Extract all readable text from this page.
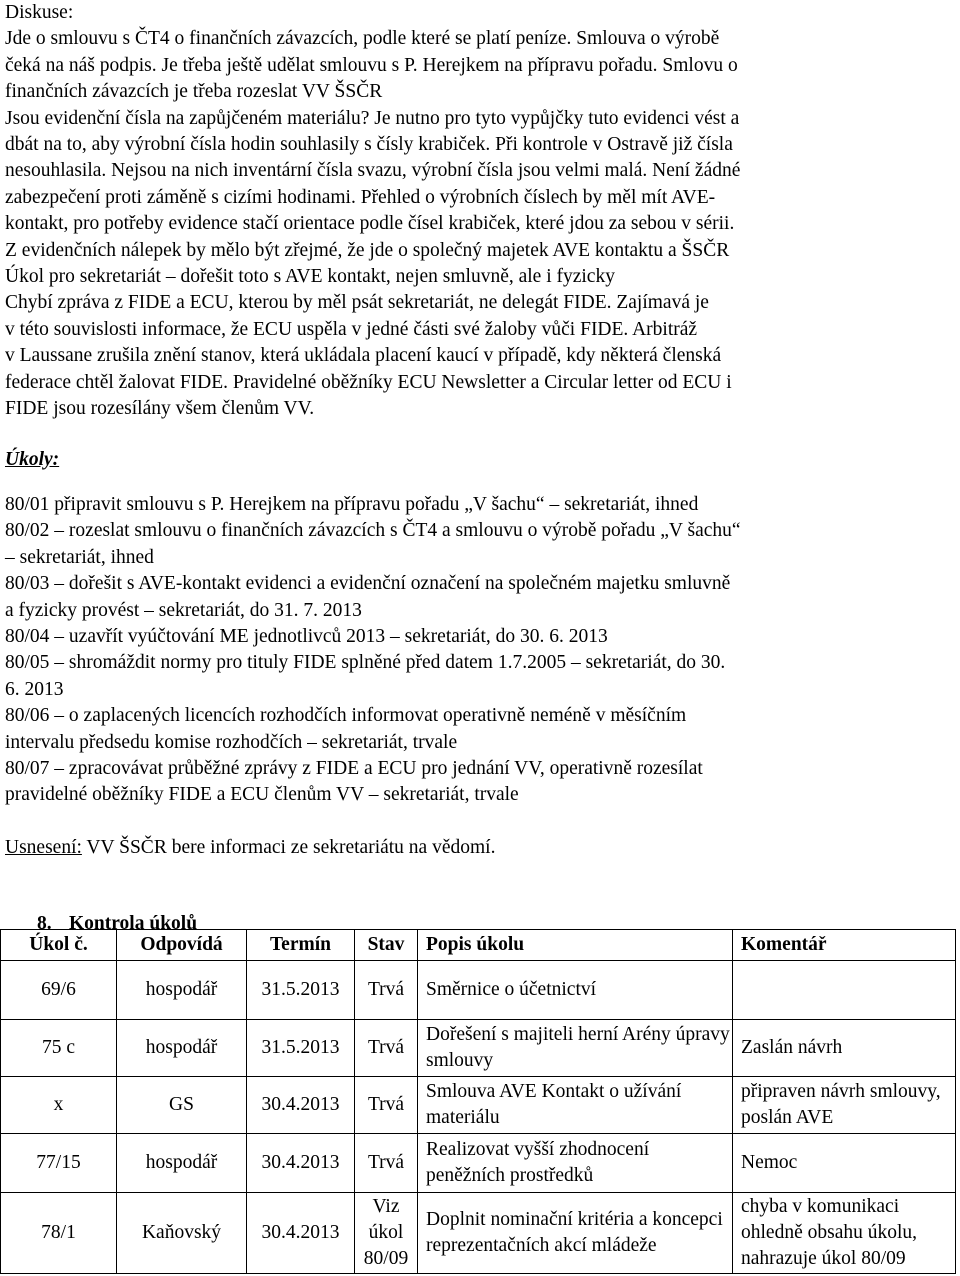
Diskuse:

Jde o smlouvu s ČT4 o finančních závazcích, podle které se platí peníze. Smlouva o výrobě

čeká na náš podpis. Je třeba ještě udělat smlouvu s P. Herejkem na přípravu pořadu. Smlovu o

finančních závazcích je třeba rozeslat VV ŠSČR

Jsou evidenční čísla na zapůjčeném materiálu? Je nutno pro tyto vypůjčky tuto evidenci vést a

dbát na to, aby výrobní čísla hodin souhlasily s čísly krabiček. Při kontrole v Ostravě již čísla

nesouhlasila. Nejsou na nich inventární čísla svazu, výrobní čísla jsou velmi malá. Není žádné

zabezpečení proti záměně s cizími hodinami. Přehled o výrobních číslech by měl mít AVE-

kontakt, pro potřeby evidence stačí orientace podle čísel krabiček, které jdou za sebou v sérii.

Z evidenčních nálepek by mělo být zřejmé, že jde o společný majetek AVE kontaktu a ŠSČR

Úkol pro sekretariát – dořešit toto s AVE kontakt, nejen smluvně, ale i fyzicky

Chybí zpráva z FIDE a ECU, kterou by měl psát sekretariát, ne delegát FIDE. Zajímavá je

v této souvislosti informace, že ECU uspěla v jedné části své žaloby vůči FIDE. Arbitráž

v Laussane zrušila znění stanov, která ukládala placení kaucí v případě, kdy některá členská

federace chtěl žalovat FIDE. Pravidelné oběžníky ECU Newsletter a Circular letter od ECU i

FIDE jsou rozesílány všem členům VV.

Úkoly:

80/01 připravit smlouvu s P. Herejkem na přípravu pořadu „V šachu“ – sekretariát, ihned

80/02 – rozeslat smlouvu o finančních závazcích s ČT4 a smlouvu o výrobě pořadu „V šachu“

– sekretariát, ihned

80/03 – dořešit s AVE-kontakt evidenci a evidenční označení na společném majetku smluvně

a fyzicky provést – sekretariát, do 31. 7. 2013

80/04 – uzavřít vyúčtování ME jednotlivců 2013 – sekretariát, do 30. 6. 2013

80/05 – shromáždit normy pro tituly FIDE splněné před datem 1.7.2005 – sekretariát, do 30.

6. 2013

80/06 – o zaplacených licencích rozhodčích informovat operativně neméně v měsíčním

intervalu předsedu komise rozhodčích – sekretariát, trvale

80/07 – zpracovávat průběžné zprávy z FIDE a ECU pro jednání VV, operativně rozesílat

pravidelné oběžníky FIDE a ECU členům VV – sekretariát, trvale

Usnesení: VV ŠSČR bere informaci ze sekretariátu na vědomí.

8. Kontrola úkolů

Úkol č.	Odpovídá	Termín	Stav	Popis úkolu	Komentář
69/6	hospodář	31.5.2013	Trvá	Směrnice o účetnictví	
75 c	hospodář	31.5.2013	Trvá	Dořešení s majiteli herní Arény úpravy smlouvy	Zaslán návrh
x	GS	30.4.2013	Trvá	Smlouva AVE Kontakt o užívání materiálu	připraven návrh smlouvy, poslán AVE
77/15	hospodář	30.4.2013	Trvá	Realizovat vyšší zhodnocení peněžních prostředků	Nemoc
78/1	Kaňovský	30.4.2013	Viz úkol 80/09	Doplnit nominační kritéria a koncepci reprezentačních akcí mládeže	chyba v komunikaci ohledně obsahu úkolu, nahrazuje úkol 80/09
